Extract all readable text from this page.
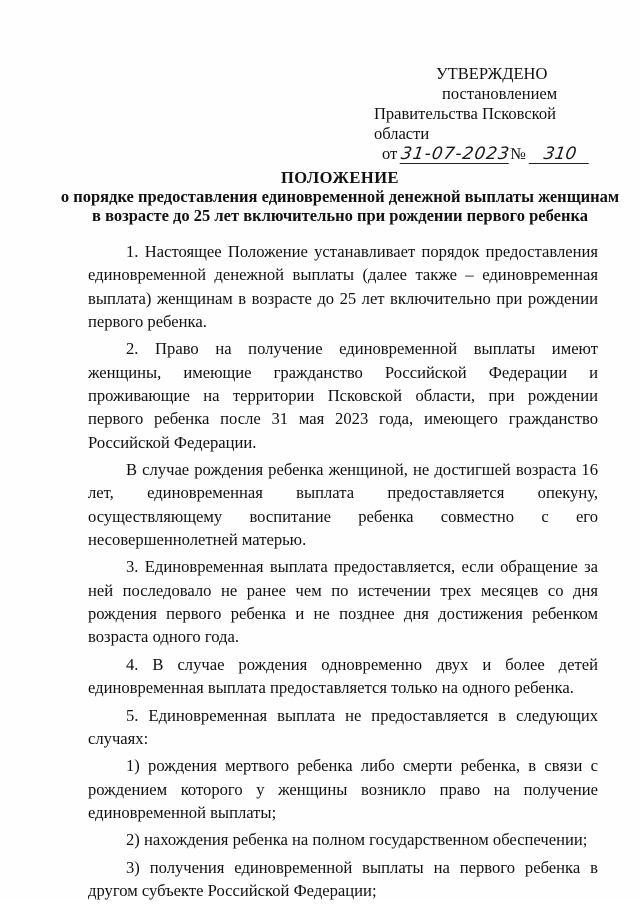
УТВЕРЖДЕНО
постановлением
Правительства Псковской области
от 31-07-2023№ 310
ПОЛОЖЕНИЕ
о порядке предоставления единовременной денежной выплаты женщинам
в возрасте до 25 лет включительно при рождении первого ребенка

1. Настоящее Положение устанавливает порядок предоставления единовременной денежной выплаты (далее также – единовременная выплата) женщинам в возрасте до 25 лет включительно при рождении первого ребенка.

2. Право на получение единовременной выплаты имеют женщины, имеющие гражданство Российской Федерации и проживающие на территории Псковской области, при рождении первого ребенка после 31 мая 2023 года, имеющего гражданство Российской Федерации.

В случае рождения ребенка женщиной, не достигшей возраста 16 лет, единовременная выплата предоставляется опекуну, осуществляющему воспитание ребенка совместно с его несовершеннолетней матерью.

3. Единовременная выплата предоставляется, если обращение за ней последовало не ранее чем по истечении трех месяцев со дня рождения первого ребенка и не позднее дня достижения ребенком возраста одного года.

4. В случае рождения одновременно двух и более детей единовременная выплата предоставляется только на одного ребенка.

5. Единовременная выплата не предоставляется в следующих случаях:

1) рождения мертвого ребенка либо смерти ребенка, в связи с рождением которого у женщины возникло право на получение единовременной выплаты;

2) нахождения ребенка на полном государственном обеспечении;

3) получения единовременной выплаты на первого ребенка в другом субъекте Российской Федерации;
